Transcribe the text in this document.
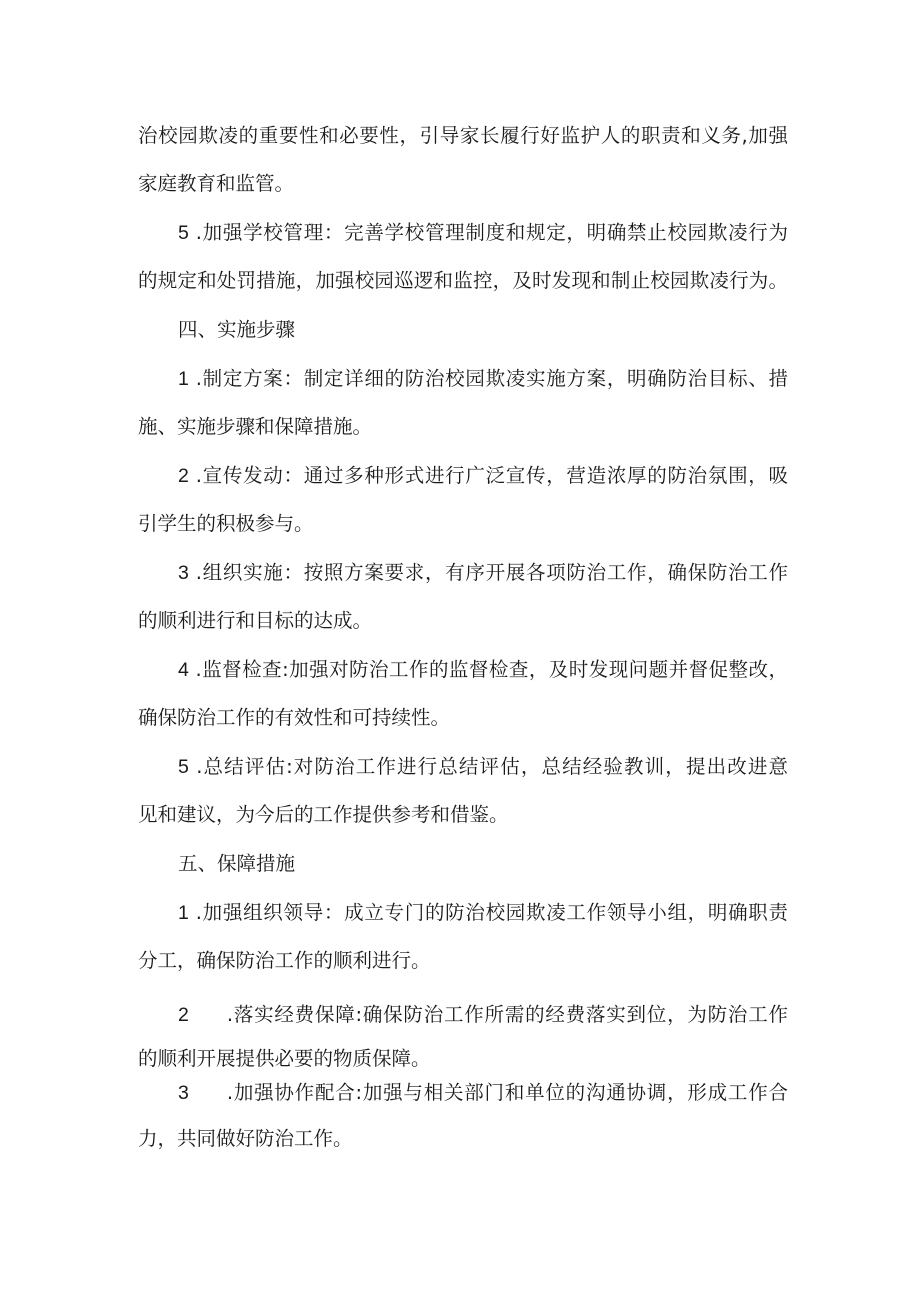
治校园欺凌的重要性和必要性，引导家长履行好监护人的职责和义务,加强
家庭教育和监管。
5 .加强学校管理：完善学校管理制度和规定，明确禁止校园欺凌行为
的规定和处罚措施，加强校园巡逻和监控，及时发现和制止校园欺凌行为。
四、实施步骤
1 .制定方案：制定详细的防治校园欺凌实施方案，明确防治目标、措
施、实施步骤和保障措施。
2 .宣传发动：通过多种形式进行广泛宣传，营造浓厚的防治氛围，吸
引学生的积极参与。
3 .组织实施：按照方案要求，有序开展各项防治工作，确保防治工作
的顺利进行和目标的达成。
4 .监督检查:加强对防治工作的监督检查，及时发现问题并督促整改，
确保防治工作的有效性和可持续性。
5 .总结评估:对防治工作进行总结评估，总结经验教训，提出改进意
见和建议，为今后的工作提供参考和借鉴。
五、保障措施
1 .加强组织领导：成立专门的防治校园欺凌工作领导小组，明确职责
分工，确保防治工作的顺利进行。
2 .落实经费保障:确保防治工作所需的经费落实到位，为防治工作
的顺利开展提供必要的物质保障。
3 .加强协作配合:加强与相关部门和单位的沟通协调，形成工作合
力，共同做好防治工作。
